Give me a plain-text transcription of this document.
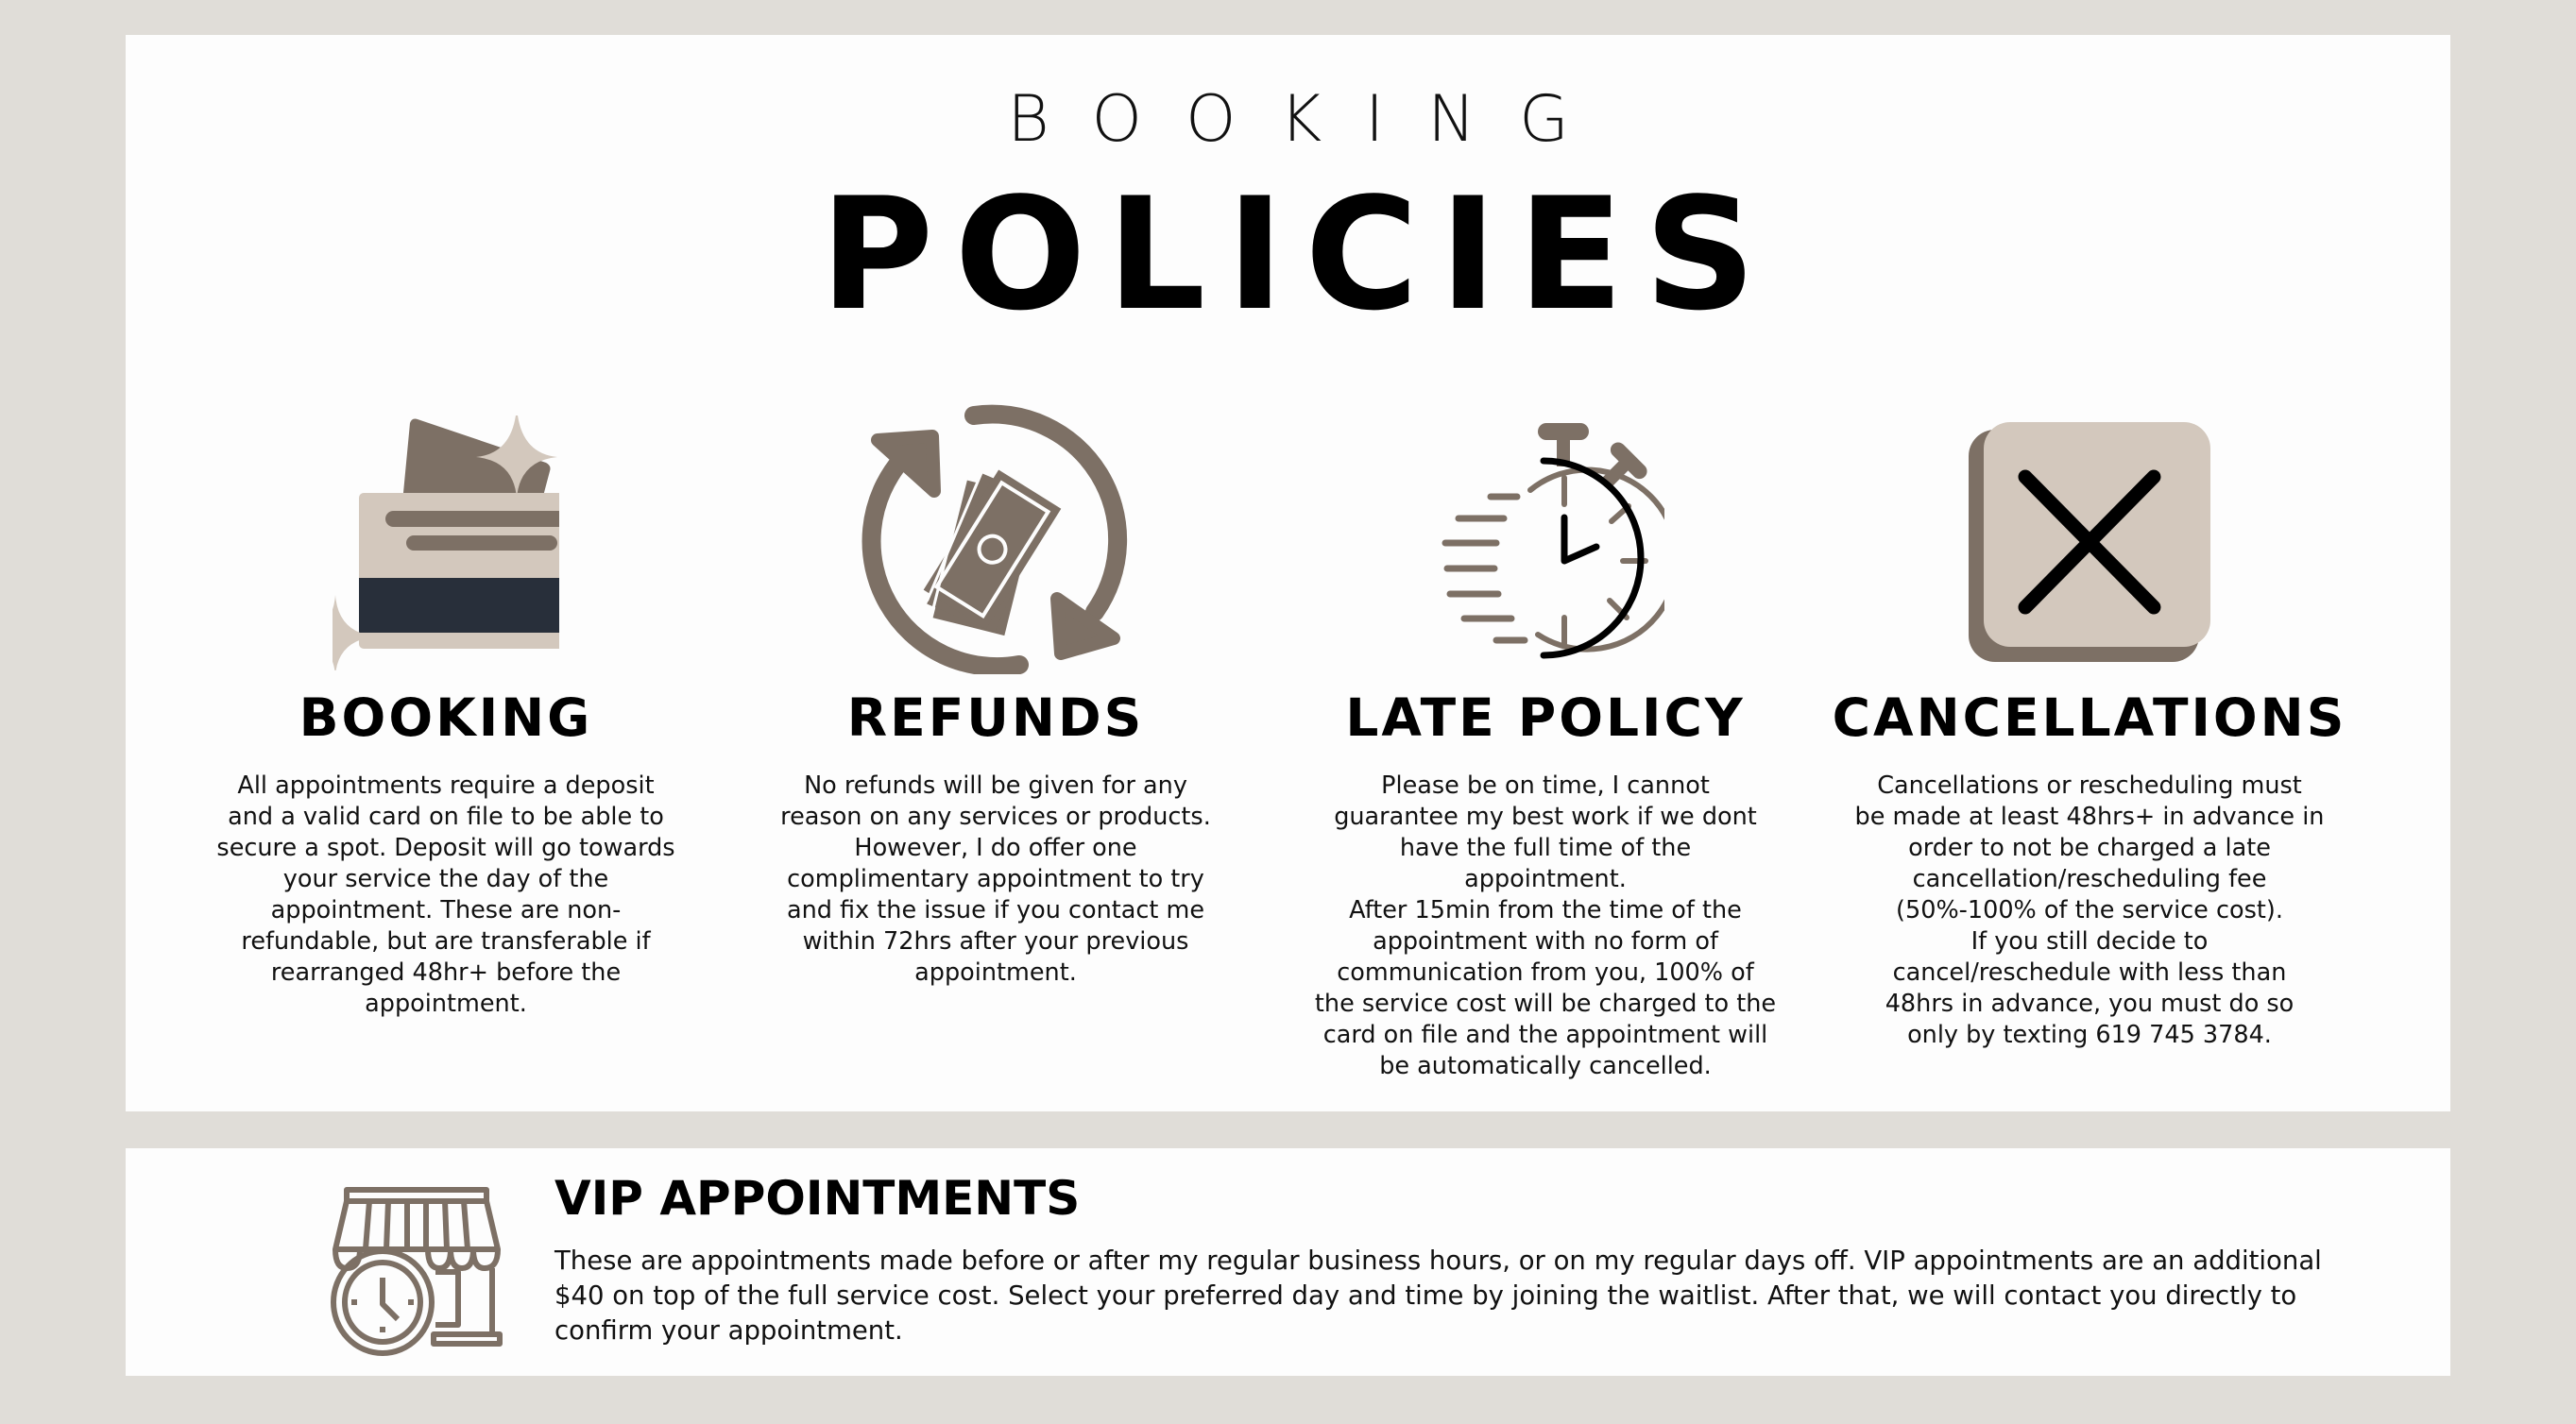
BOOKING
POLICIES
BOOKING
All appointments require a deposit
and a valid card on file to be able to
secure a spot. Deposit will go towards
your service the day of the
appointment. These are non-
refundable, but are transferable if
rearranged 48hr+ before the
appointment.
REFUNDS
No refunds will be given for any
reason on any services or products.
However, I do offer one
complimentary appointment to try
and fix the issue if you contact me
within 72hrs after your previous
appointment.
LATE POLICY
Please be on time, I cannot
guarantee my best work if we dont
have the full time of the
appointment.
After 15min from the time of the
appointment with no form of
communication from you, 100% of
the service cost will be charged to the
card on file and the appointment will
be automatically cancelled.
CANCELLATIONS
Cancellations or rescheduling must
be made at least 48hrs+ in advance in
order to not be charged a late
cancellation/rescheduling fee
(50%-100% of the service cost).
If you still decide to
cancel/reschedule with less than
48hrs in advance, you must do so
only by texting 619 745 3784.
VIP APPOINTMENTS
These are appointments made before or after my regular business hours, or on my regular days off. VIP appointments are an additional
$40 on top of the full service cost. Select your preferred day and time by joining the waitlist. After that, we will contact you directly to
confirm your appointment.
